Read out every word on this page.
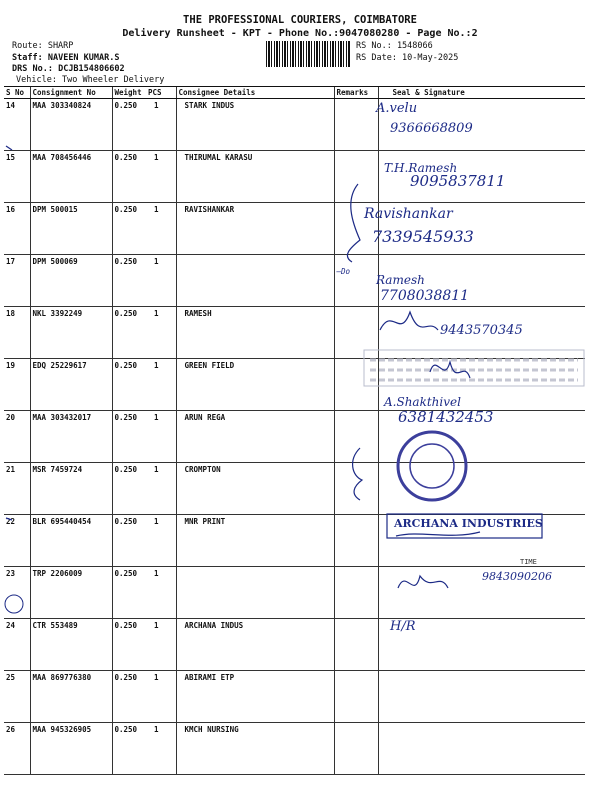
THE PROFESSIONAL COURIERS, COIMBATORE
Delivery Runsheet - KPT - Phone No.:9047080280 - Page No.:2
Route: SHARP
Staff: NAVEEN KUMAR.S
DRS No.: DCJB154806602
Vehicle: Two Wheeler Delivery
RS No.: 1548066
RS Date: 10-May-2025
S No	Consignment No	Weight	PCS	Consignee Details	Remarks	Seal & Signature
14	MAA 303340824	0.250	1	STARK INDUS		
15	MAA 708456446	0.250	1	THIRUMAL KARASU		
16	DPM 500015	0.250	1	RAVISHANKAR		
17	DPM 500069	0.250	1		—Do	
18	NKL 3392249	0.250	1	RAMESH		
19	EDQ 25229617	0.250	1	GREEN FIELD		
20	MAA 303432017	0.250	1	ARUN REGA		
21	MSR 7459724	0.250	1	CROMPTON		
22	BLR 695440454	0.250	1	MNR PRINT		
23	TRP 2206009	0.250	1			
24	CTR 553489	0.250	1	ARCHANA INDUS		
25	MAA 869776380	0.250	1	ABIRAMI ETP		
26	MAA 945326905	0.250	1	KMCH NURSING		
A.velu
9366668809
T.H.Ramesh
9095837811
Ravishankar
7339545933
Ramesh
7708038811
9443570345
A.Shakthivel
6381432453
ARCHANA INDUSTRIES
TIME
9843090206
H/R
